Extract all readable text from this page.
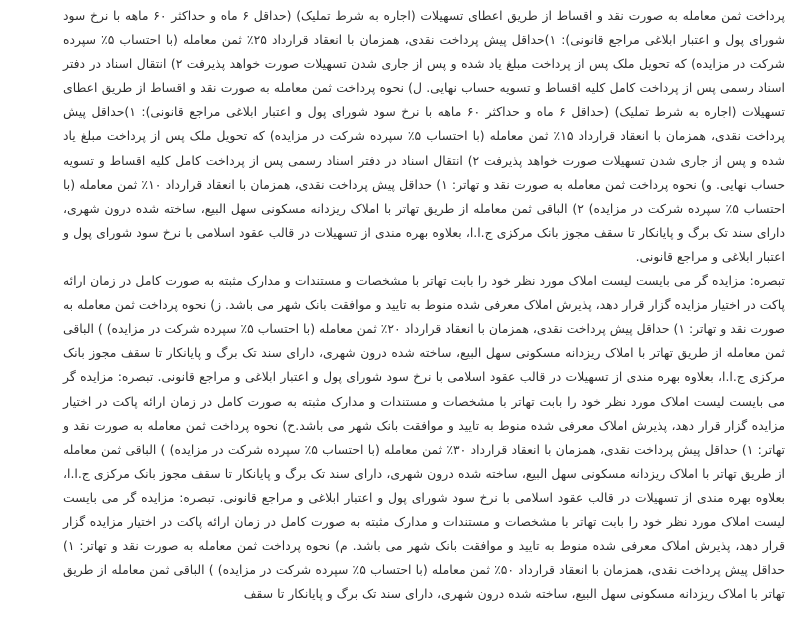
پرداخت ثمن معامله به صورت نقد و اقساط از طریق اعطای تسهیلات (اجاره به شرط تملیک) (حداقل ۶ ماه و حداکثر ۶۰ ماهه با نرخ سود شورای پول و اعتبار ابلاغی مراجع قانونی): ۱)حداقل پیش پرداخت نقدی، همزمان با انعقاد قرارداد ۲۵٪ ثمن معامله (با احتساب ۵٪ سپرده شرکت در مزایده) که تحویل ملک پس از پرداخت مبلغ یاد شده و پس از جاری شدن تسهیلات صورت خواهد پذیرفت ۲) انتقال اسناد در دفتر اسناد رسمی پس از پرداخت کامل کلیه اقساط و تسویه حساب نهایی. ل) نحوه پرداخت ثمن معامله به صورت نقد و اقساط از طریق اعطای تسهیلات (اجاره به شرط تملیک) (حداقل ۶ ماه و حداکثر ۶۰ ماهه با نرخ سود شورای پول و اعتبار ابلاغی مراجع قانونی): ۱)حداقل پیش پرداخت نقدی، همزمان با انعقاد قرارداد ۱۵٪ ثمن معامله (با احتساب ۵٪ سپرده شرکت در مزایده) که تحویل ملک پس از پرداخت مبلغ یاد شده و پس از جاری شدن تسهیلات صورت خواهد پذیرفت ۲) انتقال اسناد در دفتر اسناد رسمی پس از پرداخت کامل کلیه اقساط و تسویه حساب نهایی. و) نحوه پرداخت ثمن معامله به صورت نقد و تهاتر: ۱) حداقل پیش پرداخت نقدی، همزمان با انعقاد قرارداد ۱۰٪ ثمن معامله (با احتساب ۵٪ سپرده شرکت در مزایده) ۲) الباقی ثمن معامله از طریق تهاتر با املاک ریزدانه مسکونی سهل البیع، ساخته شده درون شهری، دارای سند تک برگ و پایانکار تا سقف مجوز بانک مرکزی ج.ا.ا، بعلاوه بهره مندی از تسهیلات در قالب عقود اسلامی با نرخ سود شورای پول و اعتبار ابلاغی و مراجع قانونی.

تبصره: مزایده گر می بایست لیست املاک مورد نظر خود را بابت تهاتر با مشخصات و مستندات و مدارک مثبته به صورت کامل در زمان ارائه پاکت در اختیار مزایده گزار قرار دهد، پذیرش املاک معرفی شده منوط به تایید و موافقت بانک شهر می باشد. ز) نحوه پرداخت ثمن معامله به صورت نقد و تهاتر: ۱) حداقل پیش پرداخت نقدی، همزمان با انعقاد قرارداد ۲۰٪ ثمن معامله (با احتساب ۵٪ سپرده شرکت در مزایده) ) الباقی ثمن معامله از طریق تهاتر با املاک ریزدانه مسکونی سهل البیع، ساخته شده درون شهری، دارای سند تک برگ و پایانکار تا سقف مجوز بانک مرکزی ج.ا.ا، بعلاوه بهره مندی از تسهیلات در قالب عقود اسلامی با نرخ سود شورای پول و اعتبار ابلاغی و مراجع قانونی. تبصره: مزایده گر می بایست لیست املاک مورد نظر خود را بابت تهاتر با مشخصات و مستندات و مدارک مثبته به صورت کامل در زمان ارائه پاکت در اختیار مزایده گزار قرار دهد، پذیرش املاک معرفی شده منوط به تایید و موافقت بانک شهر می باشد.ح) نحوه پرداخت ثمن معامله به صورت نقد و تهاتر: ۱) حداقل پیش پرداخت نقدی، همزمان با انعقاد قرارداد ۳۰٪ ثمن معامله (با احتساب ۵٪ سپرده شرکت در مزایده) ) الباقی ثمن معامله از طریق تهاتر با املاک ریزدانه مسکونی سهل البیع، ساخته شده درون شهری، دارای سند تک برگ و پایانکار تا سقف مجوز بانک مرکزی ج.ا.ا، بعلاوه بهره مندی از تسهیلات در قالب عقود اسلامی با نرخ سود شورای پول و اعتبار ابلاغی و مراجع قانونی. تبصره: مزایده گر می بایست لیست املاک مورد نظر خود را بابت تهاتر با مشخصات و مستندات و مدارک مثبته به صورت کامل در زمان ارائه پاکت در اختیار مزایده گزار قرار دهد، پذیرش املاک معرفی شده منوط به تایید و موافقت بانک شهر می باشد. م) نحوه پرداخت ثمن معامله به صورت نقد و تهاتر: ۱) حداقل پیش پرداخت نقدی، همزمان با انعقاد قرارداد ۵۰٪ ثمن معامله (با احتساب ۵٪ سپرده شرکت در مزایده) ) الباقی ثمن معامله از طریق تهاتر با املاک ریزدانه مسکونی سهل البیع، ساخته شده درون شهری، دارای سند تک برگ و پایانکار تا سقف
